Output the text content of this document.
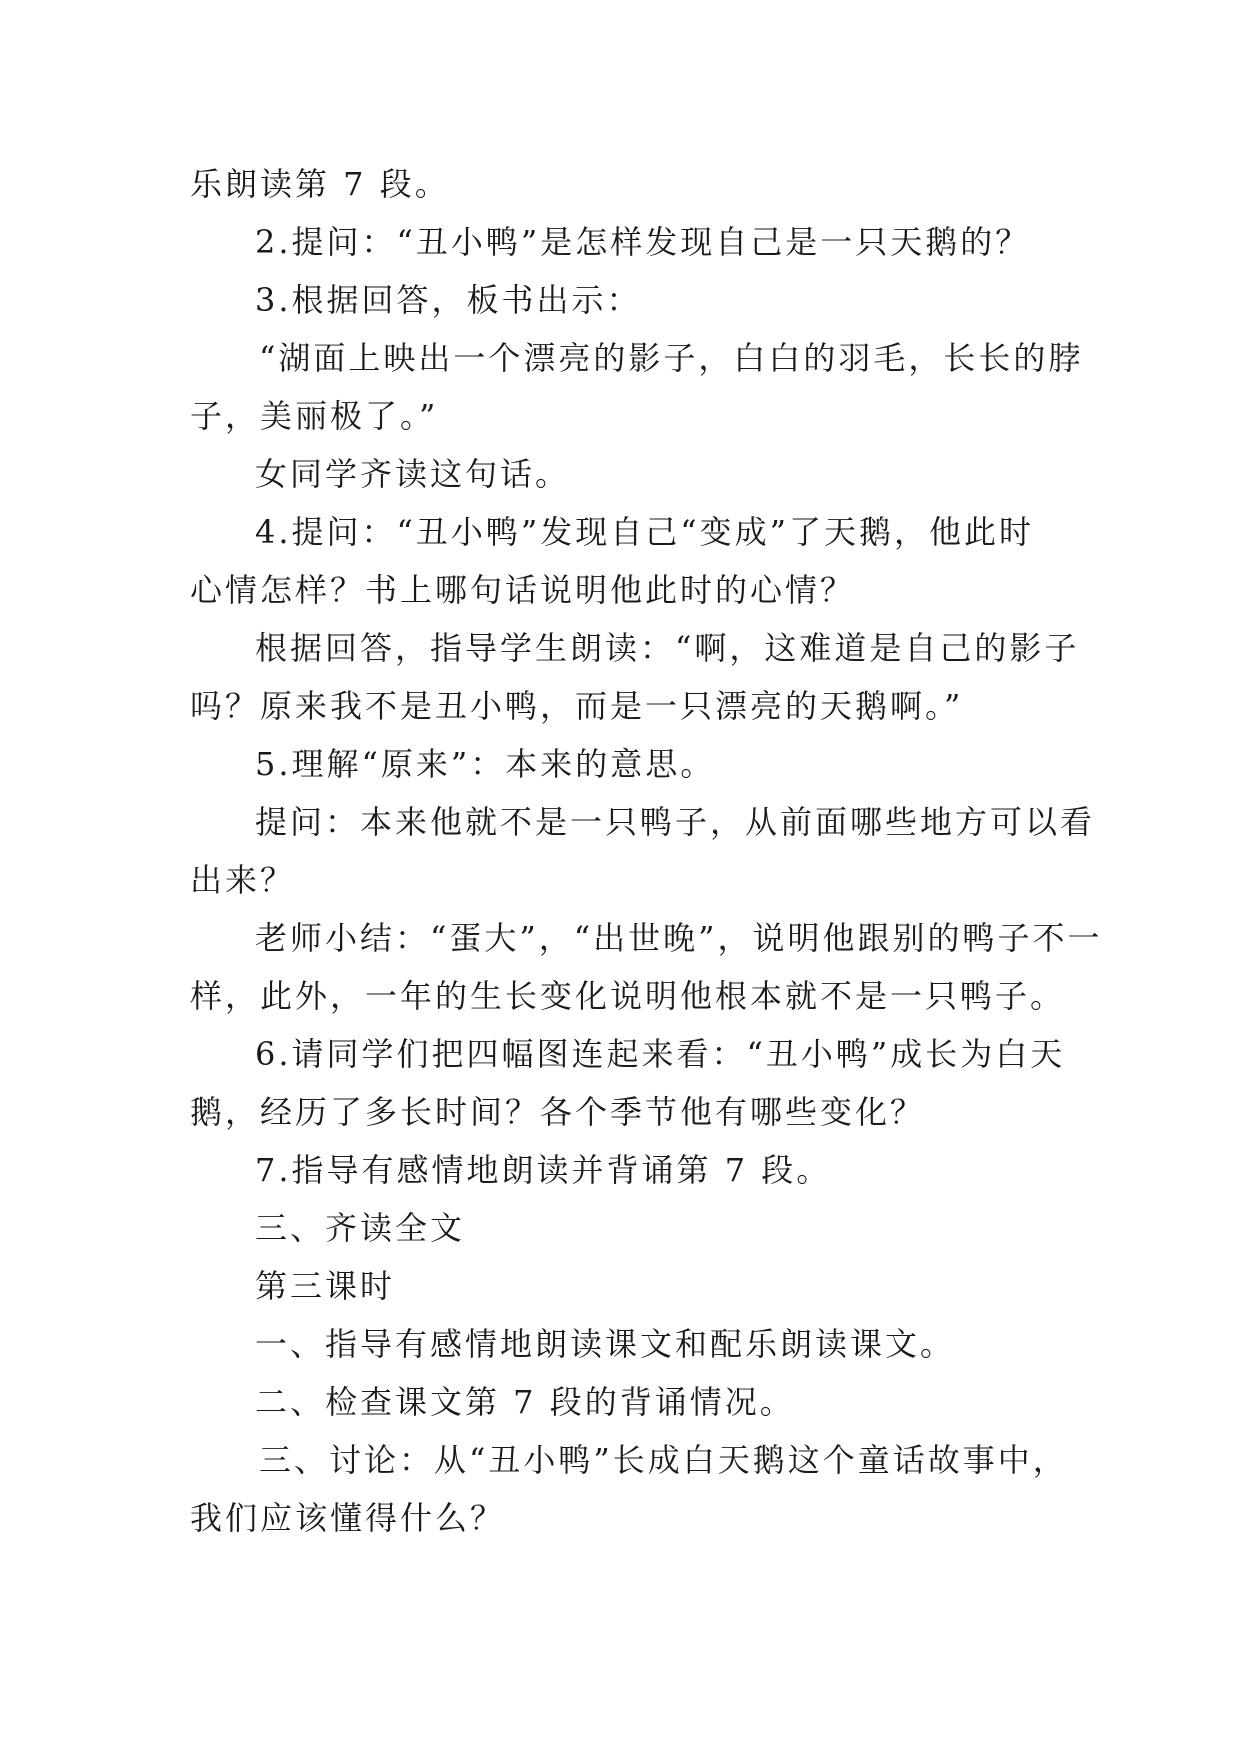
乐朗读第 7 段。
2.提问：“丑小鸭”是怎样发现自己是一只天鹅的？
3.根据回答，板书出示：
“湖面上映出一个漂亮的影子，白白的羽毛，长长的脖
子，美丽极了。”
女同学齐读这句话。
4.提问：“丑小鸭”发现自己“变成”了天鹅，他此时
心情怎样？书上哪句话说明他此时的心情？
根据回答，指导学生朗读：“啊，这难道是自己的影子
吗？原来我不是丑小鸭，而是一只漂亮的天鹅啊。”
5.理解“原来”：本来的意思。
提问：本来他就不是一只鸭子，从前面哪些地方可以看
出来？
老师小结：“蛋大”，“出世晚”，说明他跟别的鸭子不一
样，此外，一年的生长变化说明他根本就不是一只鸭子。
6.请同学们把四幅图连起来看：“丑小鸭”成长为白天
鹅，经历了多长时间？各个季节他有哪些变化？
7.指导有感情地朗读并背诵第 7 段。
三、齐读全文
第三课时
一、指导有感情地朗读课文和配乐朗读课文。
二、检查课文第 7 段的背诵情况。
三、讨论：从“丑小鸭”长成白天鹅这个童话故事中，
我们应该懂得什么？
